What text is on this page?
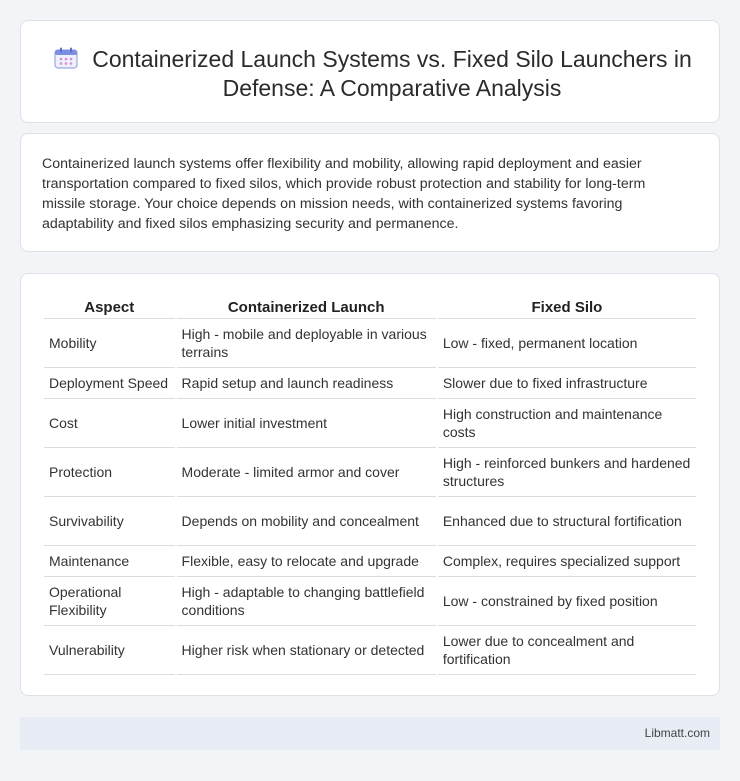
Containerized Launch Systems vs. Fixed Silo Launchers in Defense: A Comparative Analysis

Containerized launch systems offer flexibility and mobility, allowing rapid deployment and easier transportation compared to fixed silos, which provide robust protection and stability for long-term missile storage. Your choice depends on mission needs, with containerized systems favoring adaptability and fixed silos emphasizing security and permanence.

Aspect	Containerized Launch	Fixed Silo
Mobility	High - mobile and deployable in various terrains	Low - fixed, permanent location
Deployment Speed	Rapid setup and launch readiness	Slower due to fixed infrastructure
Cost	Lower initial investment	High construction and maintenance costs
Protection	Moderate - limited armor and cover	High - reinforced bunkers and hardened structures
Survivability	Depends on mobility and concealment	Enhanced due to structural fortification
Maintenance	Flexible, easy to relocate and upgrade	Complex, requires specialized support
Operational Flexibility	High - adaptable to changing battlefield conditions	Low - constrained by fixed position
Vulnerability	Higher risk when stationary or detected	Lower due to concealment and fortification
Libmatt.com
